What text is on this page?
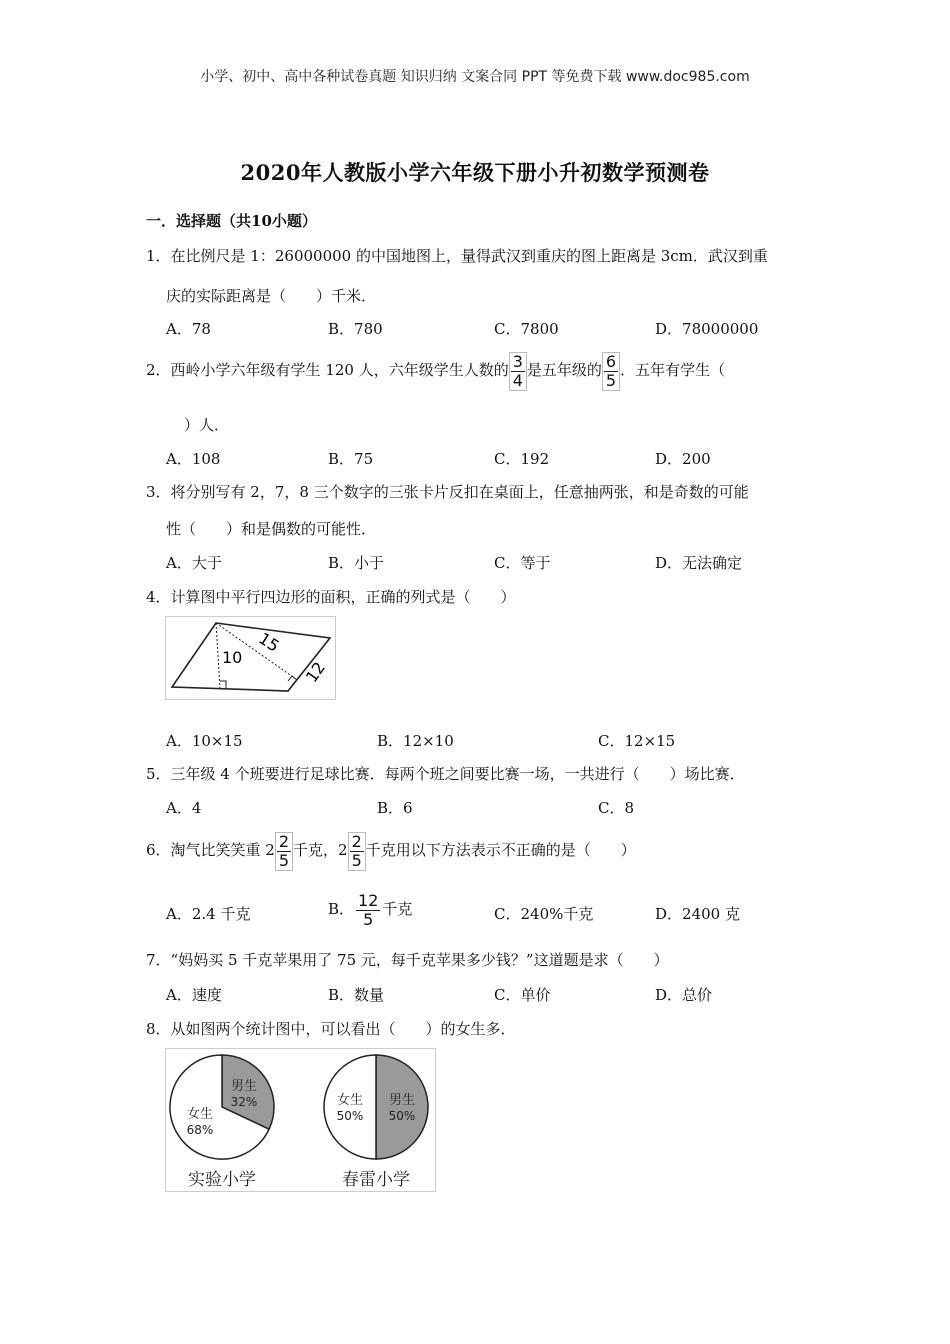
小学、初中、高中各种试卷真题 知识归纳 文案合同 PPT 等免费下载 www.doc985.com
2020年人教版小学六年级下册小升初数学预测卷
一．选择题（共10小题）
1．在比例尺是 1：26000000 的中国地图上，量得武汉到重庆的图上距离是 3cm．武汉到重
庆的实际距离是（　　）千米．
A．78	B．780	C．7800	D．78000000
2．西岭小学六年级有学生 120 人，六年级学生人数的 $\frac{3}{4}$ 是五年级的 $\frac{6}{5}$ ．五年有学生（
）人．
A．108	B．75	C．192	D．200
3．将分别写有 2，7，8 三个数字的三张卡片反扣在桌面上，任意抽两张，和是奇数的可能
性（　　）和是偶数的可能性．
A．大于	B．小于	C．等于	D．无法确定
4．计算图中平行四边形的面积，正确的列式是（　　）
10
15
12
A．10×15	B．12×10	C．12×15
5．三年级 4 个班要进行足球比赛．每两个班之间要比赛一场，一共进行（　　）场比赛．
A．4	B．6	C．8
6．淘气比笑笑重 $2 \frac{2}{5}$ 千克，$2 \frac{2}{5}$ 千克用以下方法表示不正确的是（　　）
A．2.4 千克	B． $\frac{12}{5}$ 千克	C．240%千克	D．2400 克
7．“妈妈买 5 千克苹果用了 75 元，每千克苹果多少钱？”这道题是求（　　）
A．速度	B．数量	C．单价	D．总价
8．从如图两个统计图中，可以看出（　　）的女生多．
男生
32%
女生
68%
实验小学
男生
50%
女生
50%
春雷小学
